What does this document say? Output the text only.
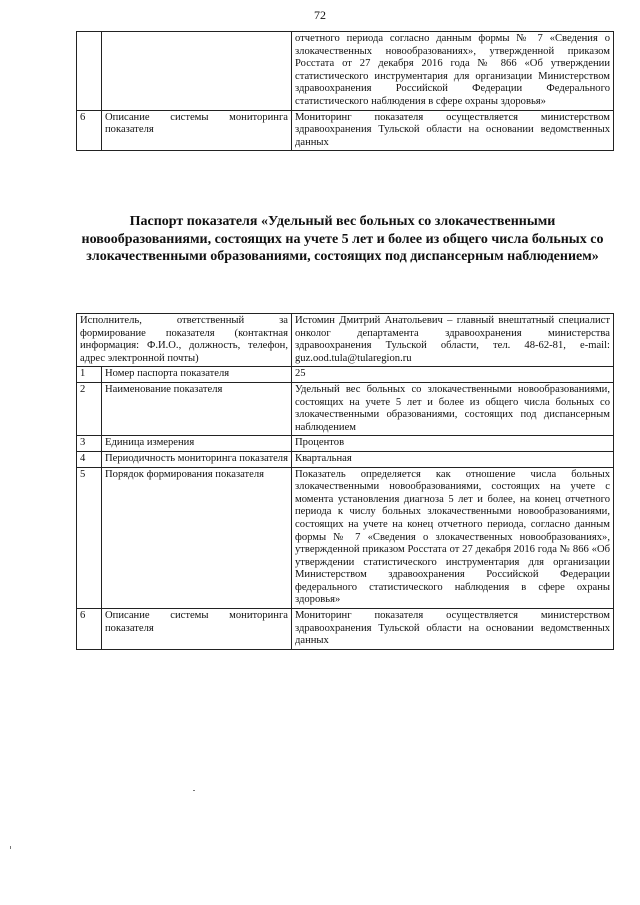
72
		отчетного периода согласно данным формы № 7 «Сведения о злокачественных новообразованиях», утвержденной приказом Росстата от 27 декабря 2016 года № 866 «Об утверждении статистического инструментария для организации Министерством здравоохранения Российской Федерации Федерального статистического наблюдения в сфере охраны здоровья»
6	Описание системы мониторинга показателя	Мониторинг показателя осуществляется министерством здравоохранения Тульской области на основании ведомственных данных
Паспорт показателя «Удельный вес больных со злокачественными новообразованиями, состоящих на учете 5 лет и более из общего числа больных со злокачественными образованиями, состоящих под диспансерным наблюдением»
Исполнитель, ответственный за формирование показателя (контактная информация: Ф.И.О., должность, телефон, адрес электронной почты)		Истомин Дмитрий Анатольевич – главный внештатный специалист онколог департамента здравоохранения министерства здравоохранения Тульской области, тел. 48-62-81, e-mail: guz.ood.tula@tularegion.ru
1	Номер паспорта показателя	25
2	Наименование показателя	Удельный вес больных со злокачественными новообразованиями, состоящих на учете 5 лет и более из общего числа больных со злокачественными образованиями, состоящих под диспансерным наблюдением
3	Единица измерения	Процентов
4	Периодичность мониторинга показателя	Квартальная
5	Порядок формирования показателя	Показатель определяется как отношение числа больных злокачественными новообразованиями, состоящих на учете с момента установления диагноза 5 лет и более, на конец отчетного периода к числу больных злокачественными новообразованиями, состоящих на учете на конец отчетного периода, согласно данным формы № 7 «Сведения о злокачественных новообразованиях», утвержденной приказом Росстата от 27 декабря 2016 года № 866 «Об утверждении статистического инструментария для организации Министерством здравоохранения Российской Федерации федерального статистического наблюдения в сфере охраны здоровья»
6	Описание системы мониторинга показателя	Мониторинг показателя осуществляется министерством здравоохранения Тульской области на основании ведомственных данных
